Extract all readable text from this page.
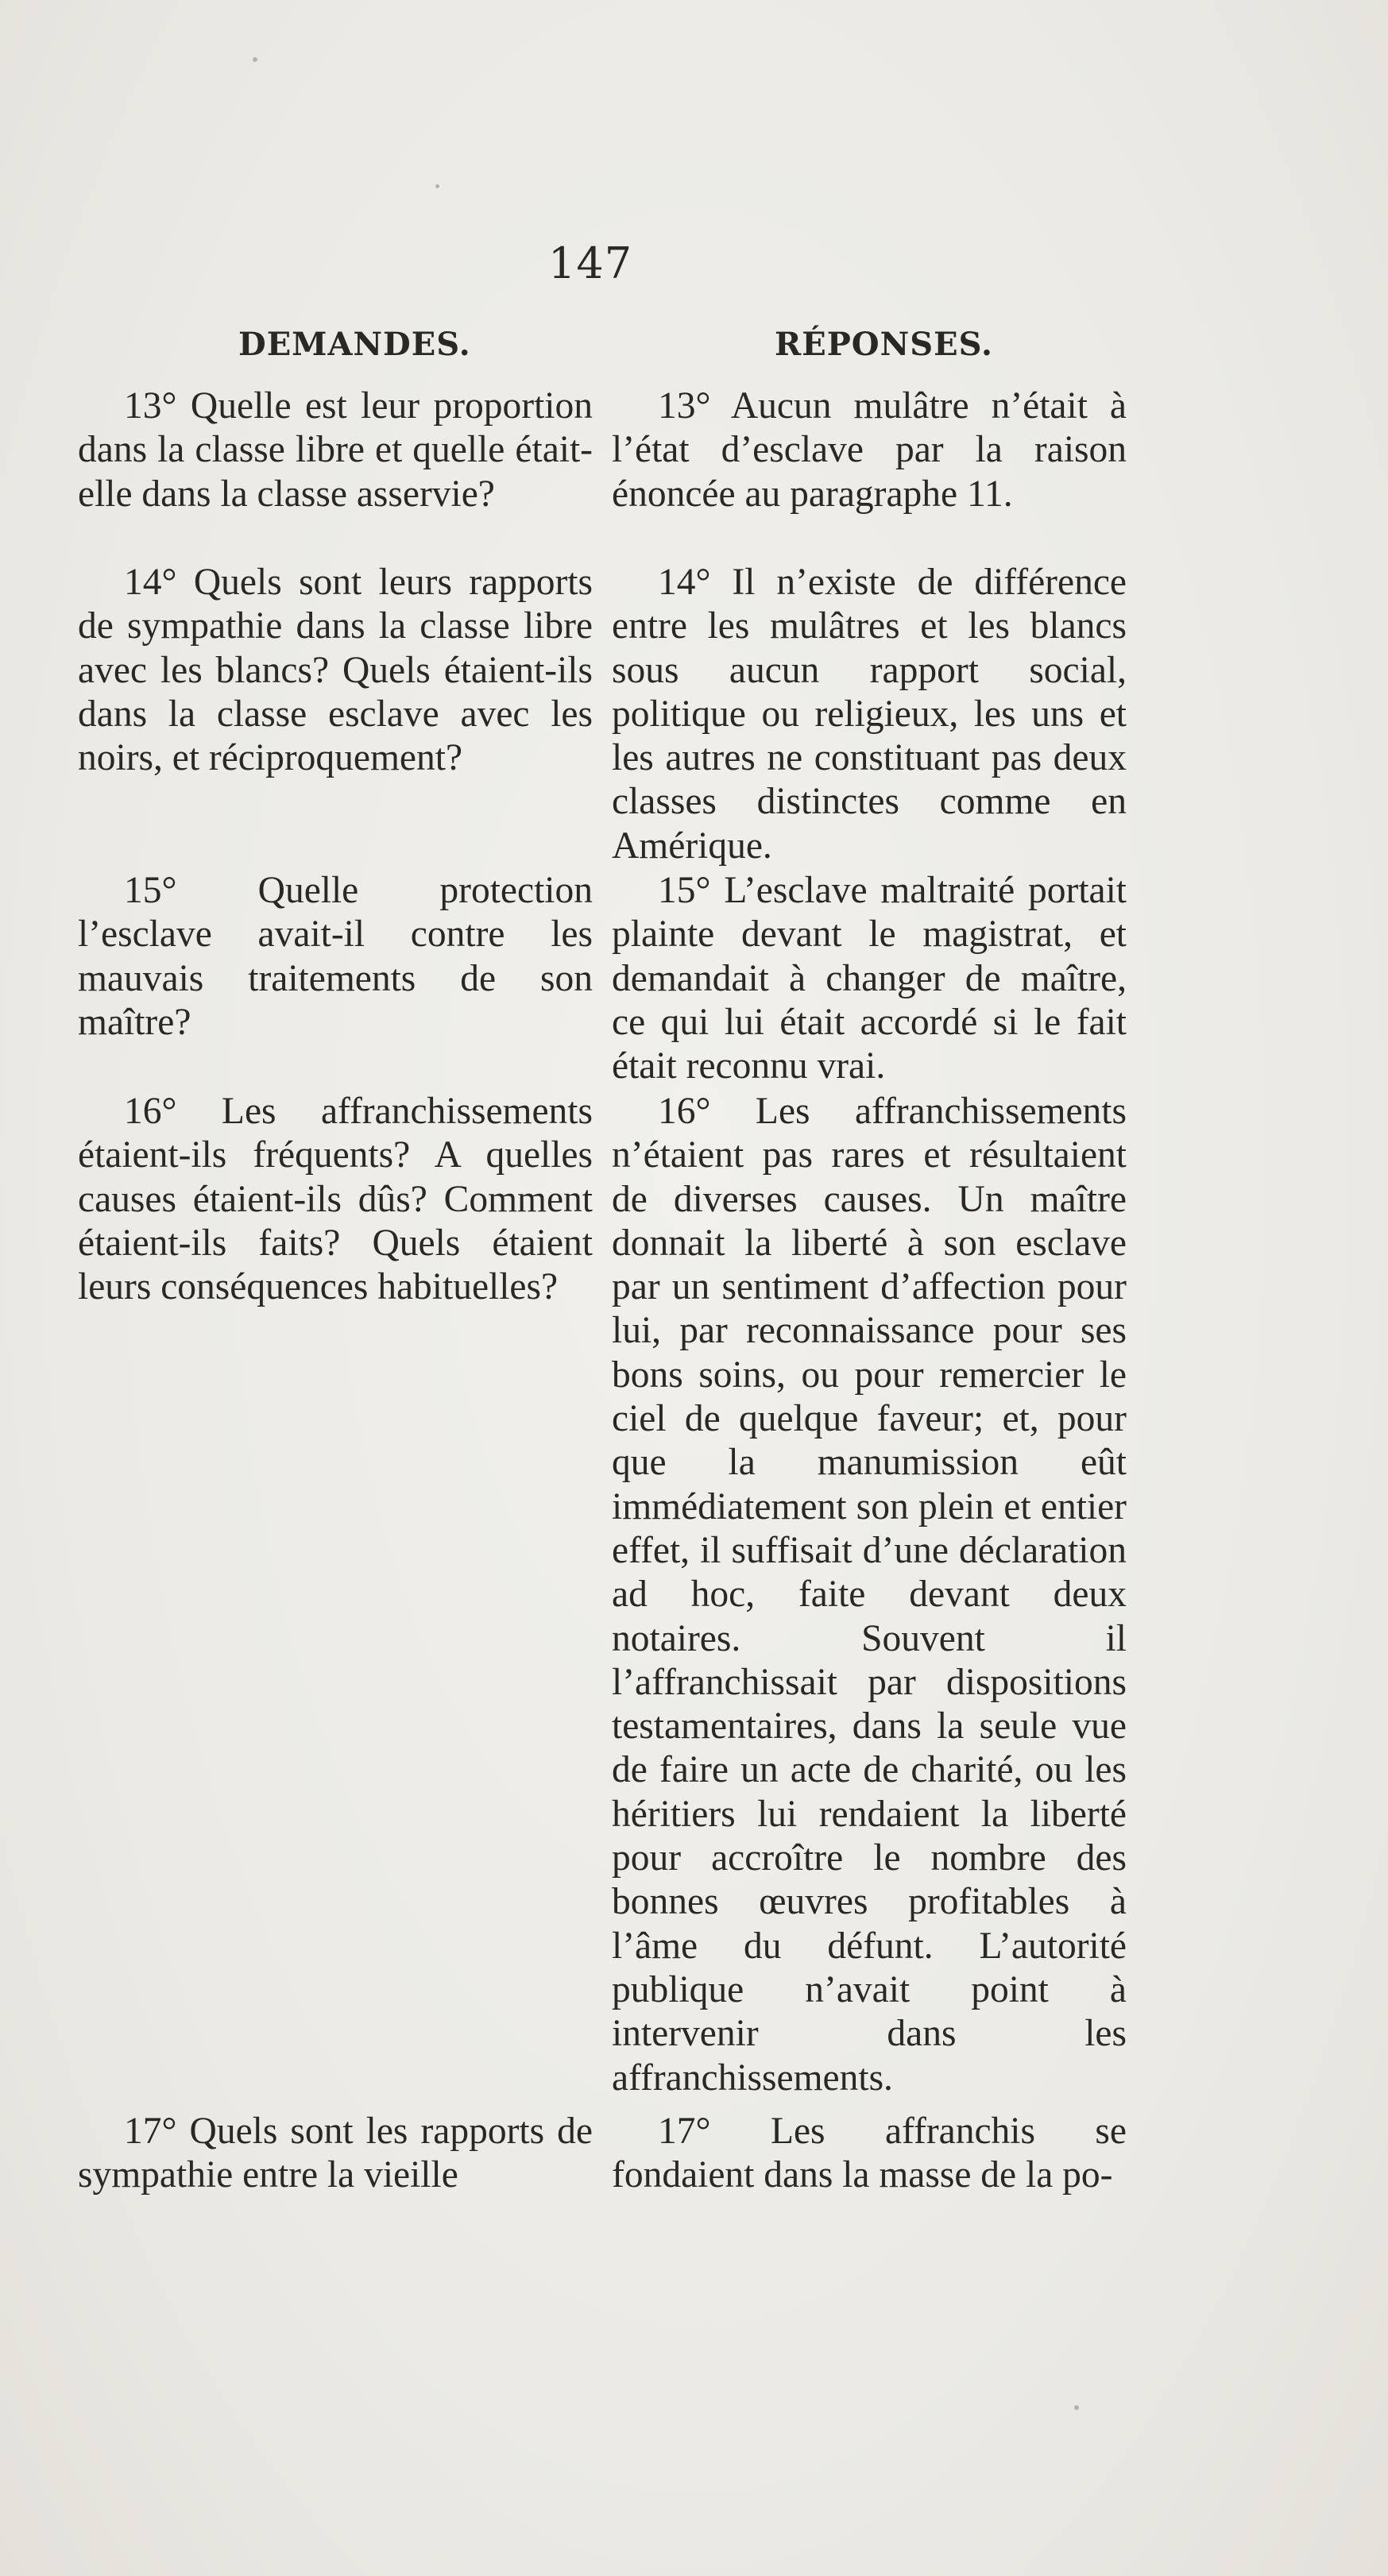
147
DEMANDES.	RÉPONSES.

13° Quelle est leur proportion dans la classe libre et quelle était-elle dans la classe asservie?

14° Quels sont leurs rapports de sympathie dans la classe libre avec les blancs? Quels étaient-ils dans la classe esclave avec les noirs, et réciproquement?

15° Quelle protection l’esclave avait-il contre les mauvais traitements de son maître?

16° Les affranchissements étaient-ils fréquents? A quelles causes étaient-ils dûs? Comment étaient-ils faits? Quels étaient leurs conséquences habituelles?

17° Quels sont les rapports de sympathie entre la vieille

13° Aucun mulâtre n’était à l’état d’esclave par la raison énoncée au paragraphe 11.

14° Il n’existe de différence entre les mulâtres et les blancs sous aucun rapport social, politique ou religieux, les uns et les autres ne constituant pas deux classes distinctes comme en Amérique.

15° L’esclave maltraité portait plainte devant le magistrat, et demandait à changer de maître, ce qui lui était accordé si le fait était reconnu vrai.

16° Les affranchissements n’étaient pas rares et résultaient de diverses causes. Un maître donnait la liberté à son esclave par un sentiment d’affection pour lui, par reconnaissance pour ses bons soins, ou pour remercier le ciel de quelque faveur; et, pour que la manumission eût immédiatement son plein et entier effet, il suffisait d’une déclaration ad hoc, faite devant deux notaires. Souvent il l’affranchissait par dispositions testamentaires, dans la seule vue de faire un acte de charité, ou les héritiers lui rendaient la liberté pour accroître le nombre des bonnes œuvres profitables à l’âme du défunt. L’autorité publique n’avait point à intervenir dans les affranchissements.

17° Les affranchis se fondaient dans la masse de la po-
